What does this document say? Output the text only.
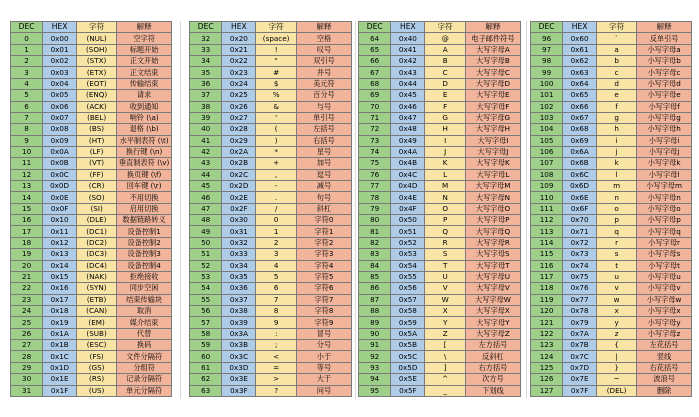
DEC	HEX	字符	解释
0	0x00	(NUL)	空字符
1	0x01	(SOH)	标题开始
2	0x02	(STX)	正文开始
3	0x03	(ETX)	正文结束
4	0x04	(EOT)	传输结束
5	0x05	(ENQ)	请求
6	0x06	(ACK)	收到通知
7	0x07	(BEL)	响铃 (\a)
8	0x08	(BS)	退格 (\b)
9	0x09	(HT)	水平制表符 (\t)
10	0x0A	(LF)	换行键 (\n)
11	0x0B	(VT)	垂直制表符 (\v)
12	0x0C	(FF)	换页键 (\f)
13	0x0D	(CR)	回车键 (\r)
14	0x0E	(SO)	不用切换
15	0x0F	(SI)	启用切换
16	0x10	(DLE)	数据链路转义
17	0x11	(DC1)	设备控制1
18	0x12	(DC2)	设备控制2
19	0x13	(DC3)	设备控制3
20	0x14	(DC4)	设备控制4
21	0x15	(NAK)	拒绝接收
22	0x16	(SYN)	同步空闲
23	0x17	(ETB)	结束传输块
24	0x18	(CAN)	取消
25	0x19	(EM)	媒介结束
26	0x1A	(SUB)	代替
27	0x1B	(ESC)	换码
28	0x1C	(FS)	文件分隔符
29	0x1D	(GS)	分组符
30	0x1E	(RS)	记录分隔符
31	0x1F	(US)	单元分隔符
DEC	HEX	字符	解释
32	0x20	(space)	空格
33	0x21	!	叹号
34	0x22	"	双引号
35	0x23	#	井号
36	0x24	$	美元符
37	0x25	%	百分号
38	0x26	&	与号
39	0x27	'	单引号
40	0x28	(	左括号
41	0x29	)	右括号
42	0x2A	*	星号
43	0x2B	+	加号
44	0x2C	,	逗号
45	0x2D	-	减号
46	0x2E	.	句号
47	0x2F	/	斜杠
48	0x30	0	字符0
49	0x31	1	字符1
50	0x32	2	字符2
51	0x33	3	字符3
52	0x34	4	字符4
53	0x35	5	字符5
54	0x36	6	字符6
55	0x37	7	字符7
56	0x38	8	字符8
57	0x39	9	字符9
58	0x3A	:	冒号
59	0x3B	;	分号
60	0x3C	<	小于
61	0x3D	=	等号
62	0x3E	>	大于
63	0x3F	?	问号
DEC	HEX	字符	解释
64	0x40	@	电子邮件符号
65	0x41	A	大写字母A
66	0x42	B	大写字母B
67	0x43	C	大写字母C
68	0x44	D	大写字母D
69	0x45	E	大写字母E
70	0x46	F	大写字母F
71	0x47	G	大写字母G
72	0x48	H	大写字母H
73	0x49	I	大写字母I
74	0x4A	J	大写字母J
75	0x4B	K	大写字母K
76	0x4C	L	大写字母L
77	0x4D	M	大写字母M
78	0x4E	N	大写字母N
79	0x4F	O	大写字母O
80	0x50	P	大写字母P
81	0x51	Q	大写字母Q
82	0x52	R	大写字母R
83	0x53	S	大写字母S
84	0x54	T	大写字母T
85	0x55	U	大写字母U
86	0x56	V	大写字母V
87	0x57	W	大写字母W
88	0x58	X	大写字母X
89	0x59	Y	大写字母Y
90	0x5A	Z	大写字母Z
91	0x5B	[	左方括号
92	0x5C	\	反斜杠
93	0x5D	]	右方括号
94	0x5E	^	次方号
95	0x5F	_	下划线
DEC	HEX	字符	解释
96	0x60	`	反单引号
97	0x61	a	小写字母a
98	0x62	b	小写字母b
99	0x63	c	小写字母c
100	0x64	d	小写字母d
101	0x65	e	小写字母e
102	0x66	f	小写字母f
103	0x67	g	小写字母g
104	0x68	h	小写字母h
105	0x69	i	小写字母i
106	0x6A	j	小写字母j
107	0x6B	k	小写字母k
108	0x6C	l	小写字母l
109	0x6D	m	小写字母m
110	0x6E	n	小写字母n
111	0x6F	o	小写字母o
112	0x70	p	小写字母p
113	0x71	q	小写字母q
114	0x72	r	小写字母r
115	0x73	s	小写字母s
116	0x74	t	小写字母t
117	0x75	u	小写字母u
118	0x76	v	小写字母v
119	0x77	w	小写字母w
120	0x78	x	小写字母x
121	0x79	y	小写字母y
122	0x7A	z	小写字母z
123	0x7B	{	左花括号
124	0x7C	|	竖线
125	0x7D	}	右花括号
126	0x7E	~	波浪号
127	0x7F	(DEL)	删除
